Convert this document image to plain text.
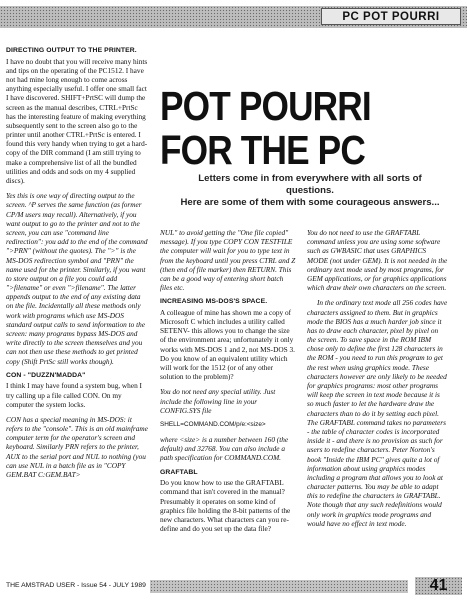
PC POT POURRI
DIRECTING OUTPUT TO THE PRINTER.

I have no doubt that you will receive many hints and tips on the operating of the PC1512. I have not had mine long enough to come across anything especially useful. I offer one small fact I have discovered. SHIFT+PrtSC will dump the screen as the manual describes, CTRL+PrtSc has the interesting feature of making everything subsequently sent to the screen also go to the printer until another CTRL+PrtSc is entered. I found this very handy when trying to get a hard-copy of the DIR command (I am still trying to make a comprehensive list of all the bundled utilities and odds and sods on my 4 supplied discs).

Yes this is one way of directing output to the screen. ^P serves the same function (as former CP/M users may recall). Alternatively, if you want output to go to the printer and not to the screen, you can use "command line redirection": you add to the end of the command ">PRN" (without the quotes). The ">" is the MS-DOS redirection symbol and "PRN" the name used for the printer. Similarly, if you want to store output on a file you could add ">filename" or even ">filename". The latter appends output to the end of any existing data on the file. Incidentally all these methods only work with programs which use MS-DOS standard output calls to send information to the screen: many programs bypass MS-DOS and write directly to the screen themselves and you can not then use these methods to get printed copy (Shift PrtSc still works though).

CON - "DUZZN'MADDA"

I think I may have found a system bug, when I try calling up a file called CON. On my computer the system locks.

CON has a special meaning in MS-DOS: it refers to the "console". This is an old mainframe computer term for the operator's screen and keyboard. Similarly PRN refers to the printer, AUX to the serial port and NUL to nothing (you can use NUL in a batch file as in "COPY GEM.BAT C:GEM.BAT>

POT POURRI
FOR THE PC
Letters come in from everywhere with all sorts of questions.
Here are some of them with some courageous answers...

NUL" to avoid getting the "One file copied" message). If you type COPY CON TESTFILE the computer will wait for you to type text in from the keyboard until you press CTRL and Z (then end of file marker) then RETURN. This can be a good way of entering short batch files etc.

INCREASING MS-DOS'S SPACE.

A colleague of mine has shown me a copy of Microsoft C which includes a utility called SETENV- this allows you to change the size of the environment area; unfortunately it only works with MS-DOS 1 and 2, not MS-DOS 3. Do you know of an equivalent utility which will work for the 1512 (or of any other solution to the problem)?

You do not need any special utility. Just include the following line in your CONFIG.SYS file

SHELL=COMMAND.COM/p/e:<size>

where <size> is a number between 160 (the default) and 32768. You can also include a path specification for COMMAND.COM.

GRAFTABL

Do you know how to use the GRAFTABL command that isn't covered in the manual? Presumably it operates on some kind of graphics file holding the 8-bit patterns of the new characters. What characters can you re-define and do you set up the data file?

You do not need to use the GRAFTABL command unless you are using some software such as GWBASIC that uses GRAPHICS MODE (not under GEM). It is not needed in the ordinary text mode used by most programs, for GEM applications, or for graphics applications which draw their own characters on the screen.

In the ordinary text mode all 256 codes have characters assigned to them. But in graphics mode the BIOS has a much harder job since it has to draw each character, pixel by pixel on the screen. To save space in the ROM IBM chose only to define the first 128 characters in the ROM - you need to run this program to get the rest when using graphics mode. These characters however are only likely to be needed for graphics programs: most other programs will keep the screen in text mode because it is so much faster to let the hardware draw the characters than to do it by setting each pixel. The GRAFTABL command takes no parameters - the table of character codes is incorporated inside it - and there is no provision as such for users to redefine characters. Peter Norton's book "Inside the IBM PC" gives quite a lot of information about using graphics modes including a program that allows you to look at character patterns. You may be able to adapt this to redefine the characters in GRAFTABL. Note though that any such redefinitions would only work in graphics mode programs and would have no effect in text mode.

THE AMSTRAD USER - Issue 54 - JULY 1989	41
